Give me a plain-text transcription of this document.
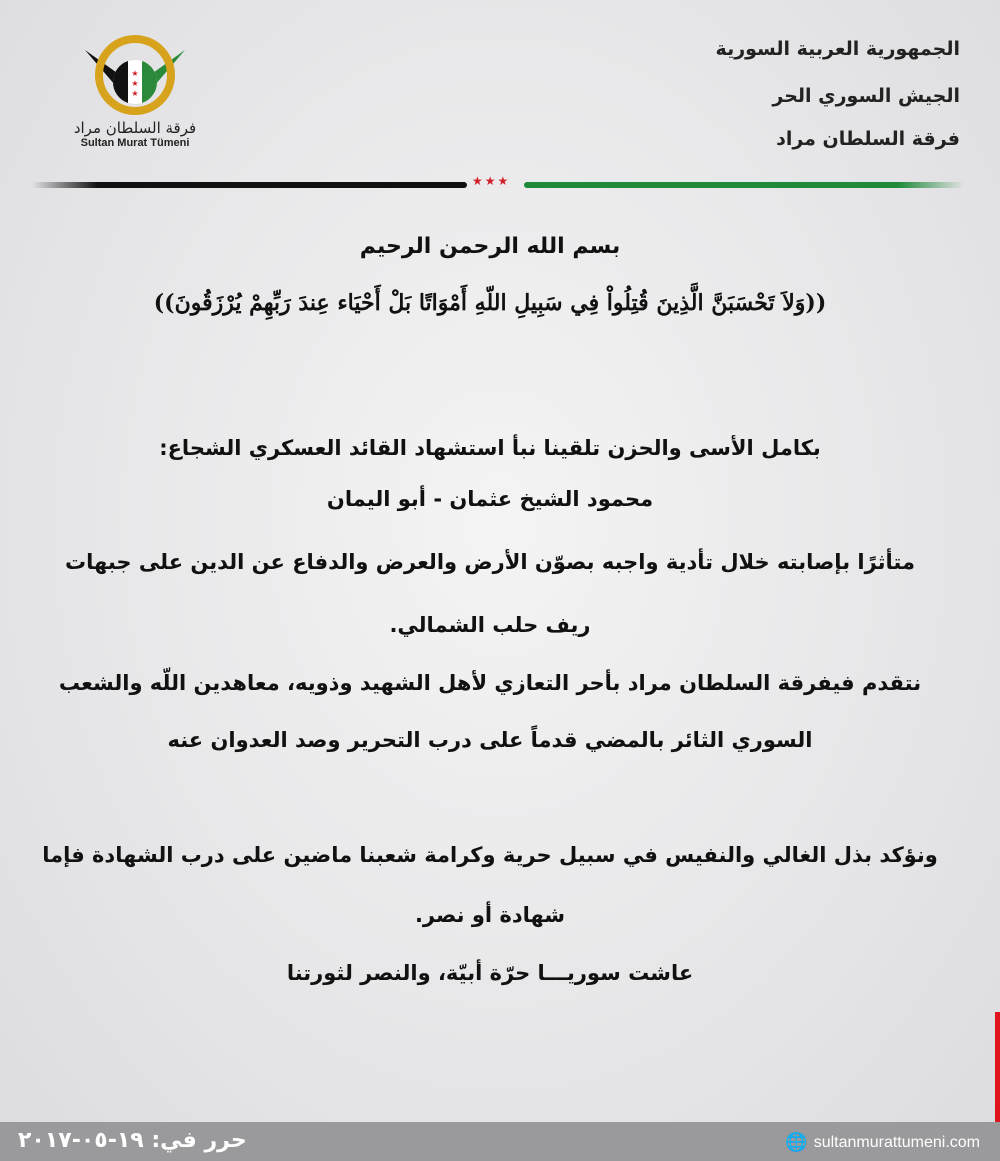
الجمهورية العربية السورية
الجيش السوري الحر
فرقة السلطان مراد
★
★
★
فرقة السلطان مراد
Sultan Murat Tümeni
★★★
بسم الله الرحمن الرحيم
((وَلاَ تَحْسَبَنَّ الَّذِينَ قُتِلُواْ فِي سَبِيلِ اللّهِ أَمْوَاتًا بَلْ أَحْيَاء عِندَ رَبِّهِمْ يُرْزَقُونَ))
بكامل الأسى والحزن تلقينا نبأ استشهاد القائد العسكري الشجاع:
محمود الشيخ عثمان - أبو اليمان
متأثرًا بإصابته خلال تأدية واجبه بصوّن الأرض والعرض والدفاع عن الدين على جبهات
ريف حلب الشمالي.
نتقدم فيفرقة السلطان مراد بأحر التعازي لأهل الشهيد وذويه، معاهدين اللّه والشعب
السوري الثائر بالمضي قدماً على درب التحرير وصد العدوان عنه
ونؤكد بذل الغالي والنفيس في سبيل حرية وكرامة شعبنا ماضين على درب الشهادة فإما
شهادة أو نصر.
عاشت سوريـــا حرّة أبيّة، والنصر لثورتنا
حرر في: ١٩-٠٥-٢٠١٧	🌐 sultanmurattumeni.com
